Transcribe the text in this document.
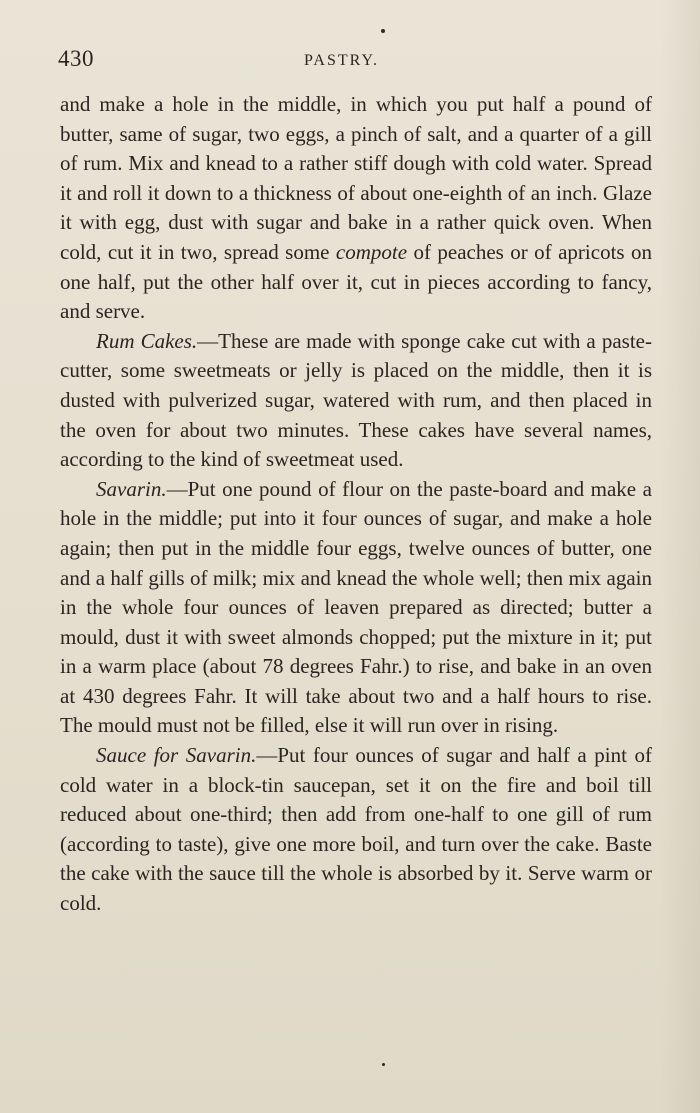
430	PASTRY.

and make a hole in the middle, in which you put half a pound of butter, same of sugar, two eggs, a pinch of salt, and a quarter of a gill of rum. Mix and knead to a rather stiff dough with cold water. Spread it and roll it down to a thickness of about one-eighth of an inch. Glaze it with egg, dust with sugar and bake in a rather quick oven. When cold, cut it in two, spread some compote of peaches or of apricots on one half, put the other half over it, cut in pieces according to fancy, and serve.

Rum Cakes.—These are made with sponge cake cut with a paste-cutter, some sweetmeats or jelly is placed on the middle, then it is dusted with pulverized sugar, watered with rum, and then placed in the oven for about two minutes. These cakes have several names, according to the kind of sweetmeat used.

Savarin.—Put one pound of flour on the paste-board and make a hole in the middle; put into it four ounces of sugar, and make a hole again; then put in the middle four eggs, twelve ounces of butter, one and a half gills of milk; mix and knead the whole well; then mix again in the whole four ounces of leaven prepared as directed; butter a mould, dust it with sweet almonds chopped; put the mixture in it; put in a warm place (about 78 degrees Fahr.) to rise, and bake in an oven at 430 degrees Fahr. It will take about two and a half hours to rise. The mould must not be filled, else it will run over in rising.

Sauce for Savarin.—Put four ounces of sugar and half a pint of cold water in a block-tin saucepan, set it on the fire and boil till reduced about one-third; then add from one-half to one gill of rum (according to taste), give one more boil, and turn over the cake. Baste the cake with the sauce till the whole is absorbed by it. Serve warm or cold.
